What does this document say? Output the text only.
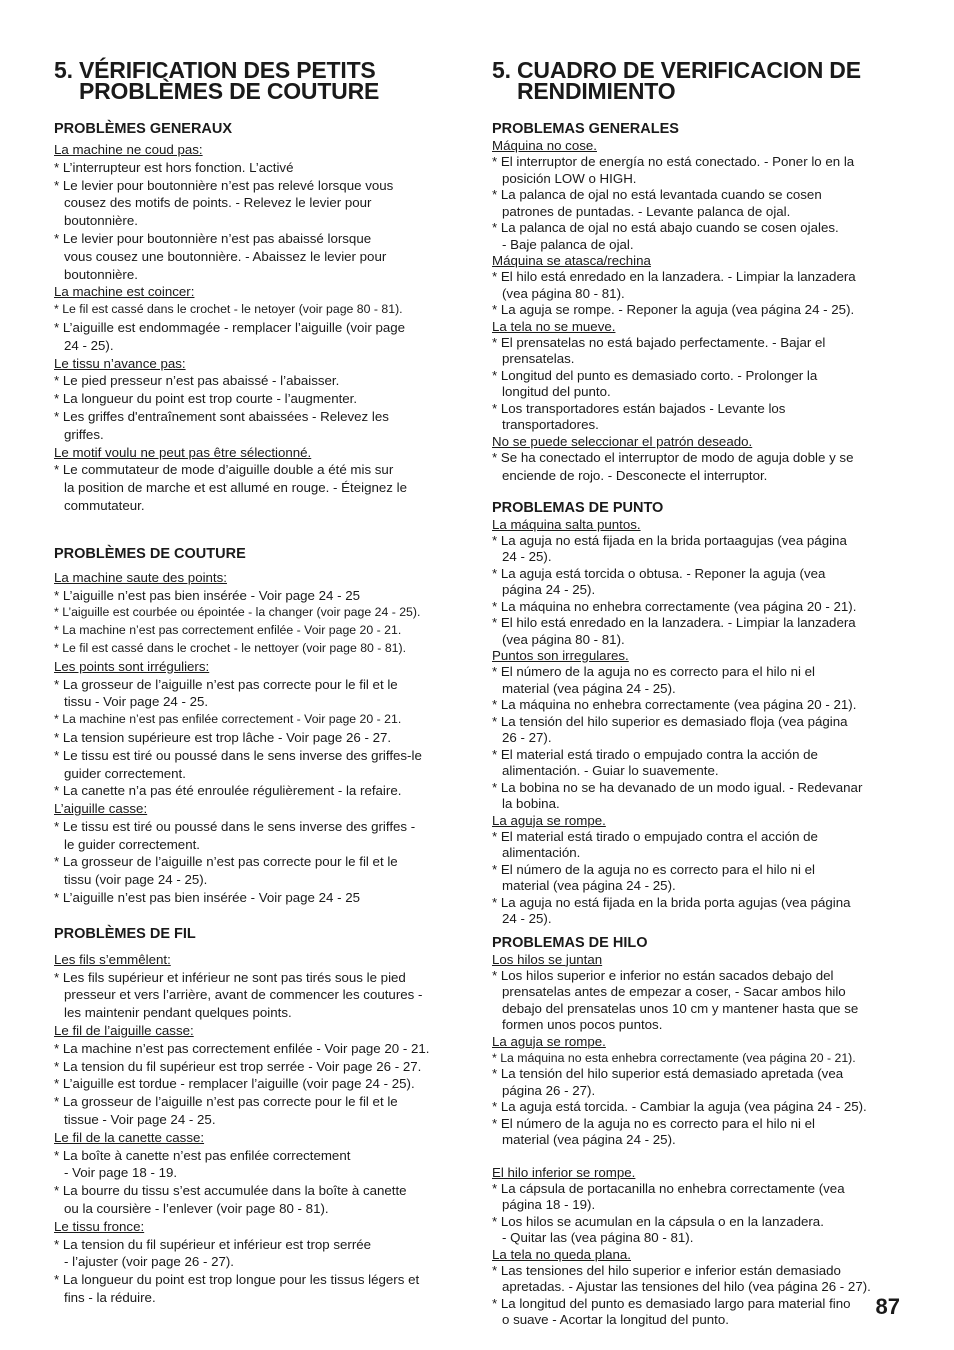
5. VÉRIFICATION DES PETITS
PROBLÈMES DE COUTURE

PROBLÈMES GENERAUX

La machine ne coud pas:

* L’interrupteur est hors fonction. L’activé

* Le levier pour boutonnière n’est pas relevé lorsque vous

cousez des motifs de points. - Relevez le levier pour

boutonnière.

* Le levier pour boutonnière n’est pas abaissé lorsque

vous cousez une boutonnière. - Abaissez le levier pour

boutonnière.

La machine est coincer:

* Le fil est cassé dans le crochet - le netoyer (voir page 80 - 81).

* L’aiguille est endommagée - remplacer l’aiguille (voir page

24 - 25).

Le tissu n’avance pas:

* Le pied presseur n’est pas abaissé - l’abaisser.

* La longueur du point est trop courte - l’augmenter.

* Les griffes d'entraînement sont abaissées - Relevez les

griffes.

Le motif voulu ne peut pas être sélectionné.

* Le commutateur de mode d’aiguille double a été mis sur

la position de marche et est allumé en rouge. - Éteignez le

commutateur.

PROBLÈMES DE COUTURE

La machine saute des points:

* L’aiguille n’est pas bien insérée - Voir page 24 - 25

* L’aiguille est courbée ou épointée - la changer (voir page 24 - 25).

* La machine n’est pas correctement enfilée - Voir page 20 - 21.

* Le fil est cassé dans le crochet - le nettoyer (voir page 80 - 81).

Les points sont irréguliers:

* La grosseur de l’aiguille n’est pas correcte pour le fil et le

tissu - Voir page 24 - 25.

* La machine n’est pas enfilée correctement - Voir page 20 - 21.

* La tension supérieure est trop lâche - Voir page 26 - 27.

* Le tissu est tiré ou poussé dans le sens inverse des griffes-le

guider correctement.

* La canette n’a pas été enroulée régulièrement - la refaire.

L’aiguille casse:

* Le tissu est tiré ou poussé dans le sens inverse des griffes -

le guider correctement.

* La grosseur de l’aiguille n’est pas correcte pour le fil et le

tissu (voir page 24 - 25).

* L’aiguille n’est pas bien insérée - Voir page 24 - 25

PROBLÈMES DE FIL

Les fils s’emmêlent:

* Les fils supérieur et inférieur ne sont pas tirés sous le pied

presseur et vers l’arrière, avant de commencer les coutures -

les maintenir pendant quelques points.

Le fil de l’aiguille casse:

* La machine n’est pas correctement enfilée - Voir page 20 - 21.

* La tension du fil supérieur est trop serrée - Voir page 26 - 27.

* L’aiguille est tordue - remplacer l’aiguille (voir page 24 - 25).

* La grosseur de l’aiguille n’est pas correcte pour le fil et le

tissue - Voir page 24 - 25.

Le fil de la canette casse:

* La boîte à canette n’est pas enfilée correctement

- Voir page 18 - 19.

* La bourre du tissu s’est accumulée dans la boîte à canette

ou la coursière - l’enlever (voir page 80 - 81).

Le tissu fronce:

* La tension du fil supérieur et inférieur est trop serrée

- l’ajuster (voir page 26 - 27).

* La longueur du point est trop longue pour les tissus légers et

fins - la réduire.

5. CUADRO DE VERIFICACION DE
RENDIMIENTO

PROBLEMAS GENERALES

Máquina no cose.

* El interruptor de energía no está conectado. - Poner lo en la

posición LOW o HIGH.

* La palanca de ojal no está levantada cuando se cosen

patrones de puntadas. - Levante palanca de ojal.

* La palanca de ojal no está abajo cuando se cosen ojales.

- Baje palanca de ojal.

Máquina se atasca/rechina

* El hilo está enredado en la lanzadera. - Limpiar la lanzadera

(vea página 80 - 81).

* La aguja se rompe. - Reponer la aguja (vea página 24 - 25).

La tela no se mueve.

* El prensatelas no está bajado perfectamente. - Bajar el

prensatelas.

* Longitud del punto es demasiado corto. - Prolonger la

longitud del punto.

* Los transportadores están bajados - Levante los

transportadores.

No se puede seleccionar el patrón deseado.

* Se ha conectado el interruptor de modo de aguja doble y se

enciende de rojo. - Desconecte el interruptor.

PROBLEMAS DE PUNTO

La máquina salta puntos.

* La aguja no está fijada en la brida portaagujas (vea página

24 - 25).

* La aguja está torcida o obtusa. - Reponer la aguja (vea

página 24 - 25).

* La máquina no enhebra correctamente (vea página 20 - 21).

* El hilo está enredado en la lanzadera. - Limpiar la lanzadera

(vea página 80 - 81).

Puntos son irregulares.

* El número de la aguja no es correcto para el hilo ni el

material (vea página 24 - 25).

* La máquina no enhebra correctamente (vea página 20 - 21).

* La tensión del hilo superior es demasiado floja (vea página

26 - 27).

* El material está tirado o empujado contra la acción de

alimentación. - Guiar lo suavemente.

* La bobina no se ha devanado de un modo igual. - Redevanar

la bobina.

La aguja se rompe.

* El material está tirado o empujado contra el acción de

alimentación.

* El número de la aguja no es correcto para el hilo ni el

material (vea página 24 - 25).

* La aguja no está fijada en la brida porta agujas (vea página

24 - 25).

PROBLEMAS DE HILO

Los hilos se juntan

* Los hilos superior e inferior no están sacados debajo del

prensatelas antes de empezar a coser, - Sacar ambos hilo

debajo del prensatelas unos 10 cm y mantener hasta que se

formen unos pocos puntos.

La aguja se rompe.

* La máquina no esta enhebra correctamente (vea página 20 - 21).

* La tensión del hilo superior está demasiado apretada (vea

página 26 - 27).

* La aguja está torcida. - Cambiar la aguja (vea página 24 - 25).

* El número de la aguja no es correcto para el hilo ni el

material (vea página 24 - 25).

El hilo inferior se rompe.

* La cápsula de portacanilla no enhebra correctamente (vea

página 18 - 19).

* Los hilos se acumulan en la cápsula o en la lanzadera.

- Quitar las (vea página 80 - 81).

La tela no queda plana.

* Las tensiones del hilo superior e inferior están demasiado

apretadas. - Ajustar las tensiones del hilo (vea página 26 - 27).

* La longitud del punto es demasiado largo para material fino

o suave - Acortar la longitud del punto.

87
